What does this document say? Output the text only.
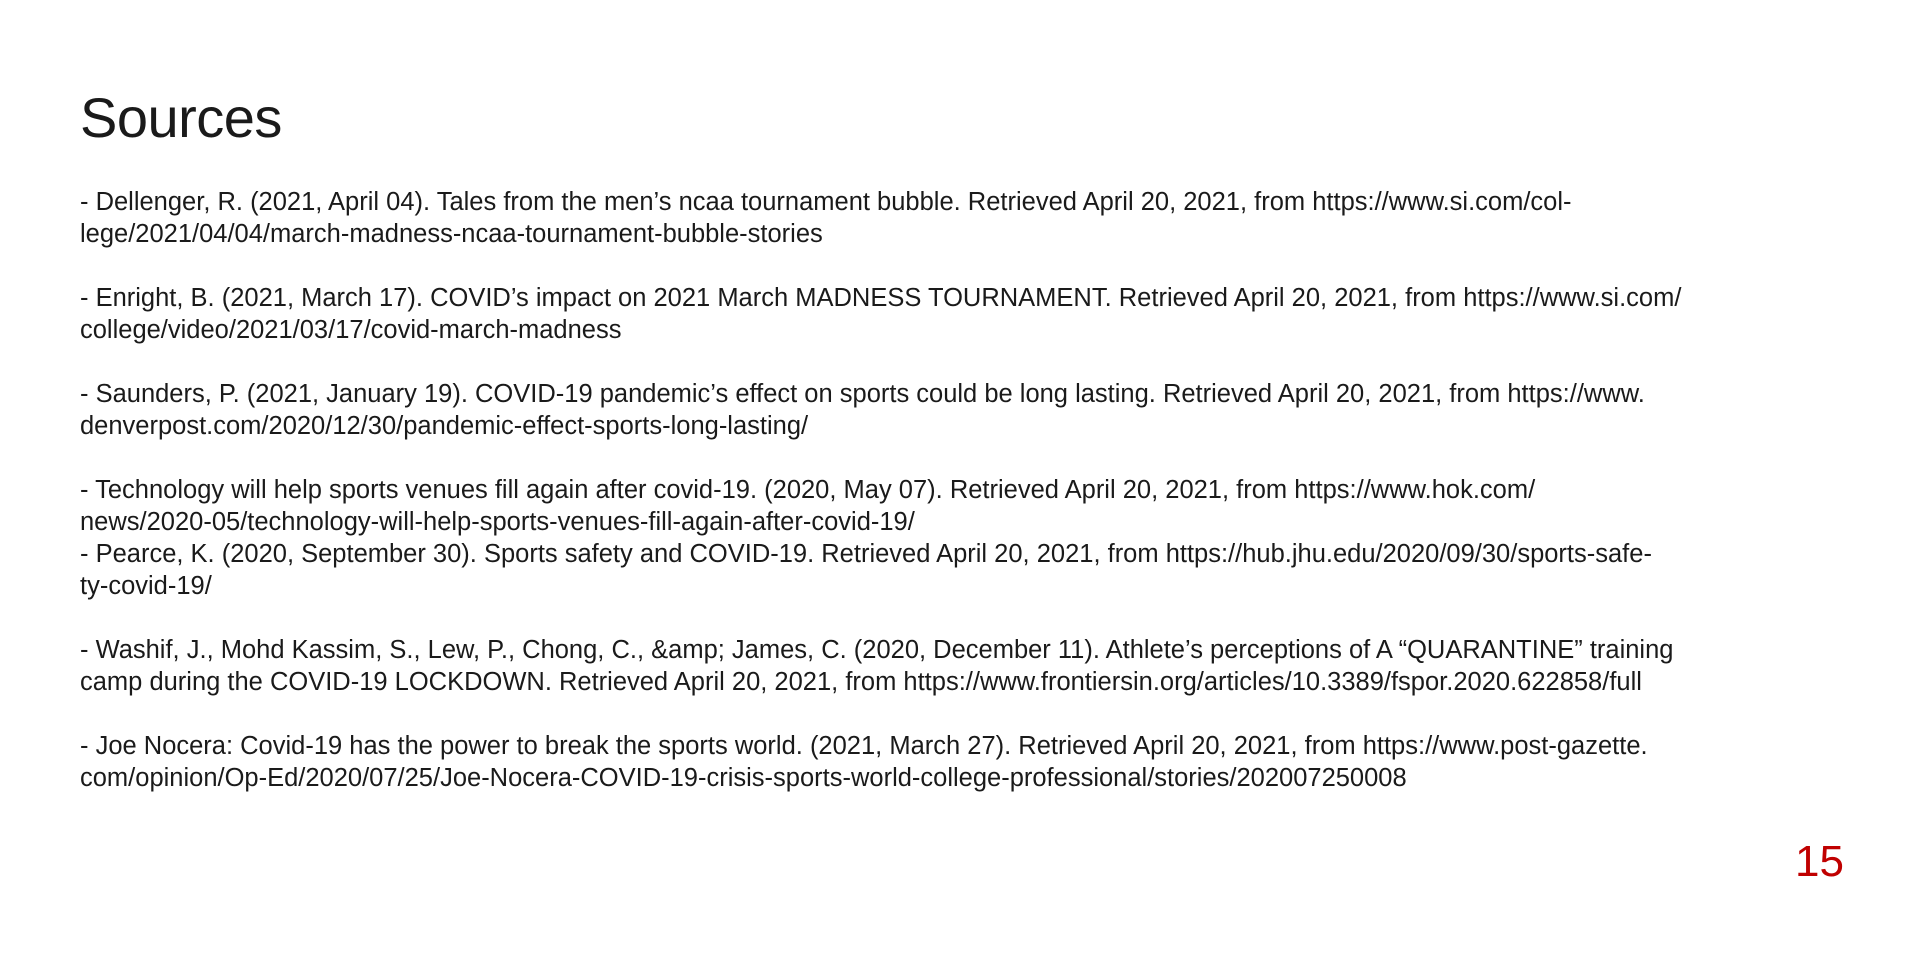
Sources

- Dellenger, R. (2021, April 04). Tales from the men’s ncaa tournament bubble. Retrieved April 20, 2021, from https://www.si.com/col-
lege/2021/04/04/march-madness-ncaa-tournament-bubble-stories

- Enright, B. (2021, March 17). COVID’s impact on 2021 March MADNESS TOURNAMENT. Retrieved April 20, 2021, from https://www.si.com/
college/video/2021/03/17/covid-march-madness

- Saunders, P. (2021, January 19). COVID-19 pandemic’s effect on sports could be long lasting. Retrieved April 20, 2021, from https://www.
denverpost.com/2020/12/30/pandemic-effect-sports-long-lasting/

- Technology will help sports venues fill again after covid-19. (2020, May 07). Retrieved April 20, 2021, from https://www.hok.com/
news/2020-05/technology-will-help-sports-venues-fill-again-after-covid-19/

- Pearce, K. (2020, September 30). Sports safety and COVID-19. Retrieved April 20, 2021, from https://hub.jhu.edu/2020/09/30/sports-safe-
ty-covid-19/

- Washif, J., Mohd Kassim, S., Lew, P., Chong, C., &amp; James, C. (2020, December 11). Athlete’s perceptions of A “QUARANTINE” training
camp during the COVID-19 LOCKDOWN. Retrieved April 20, 2021, from https://www.frontiersin.org/articles/10.3389/fspor.2020.622858/full

- Joe Nocera: Covid-19 has the power to break the sports world. (2021, March 27). Retrieved April 20, 2021, from https://www.post-gazette.
com/opinion/Op-Ed/2020/07/25/Joe-Nocera-COVID-19-crisis-sports-world-college-professional/stories/202007250008

15
